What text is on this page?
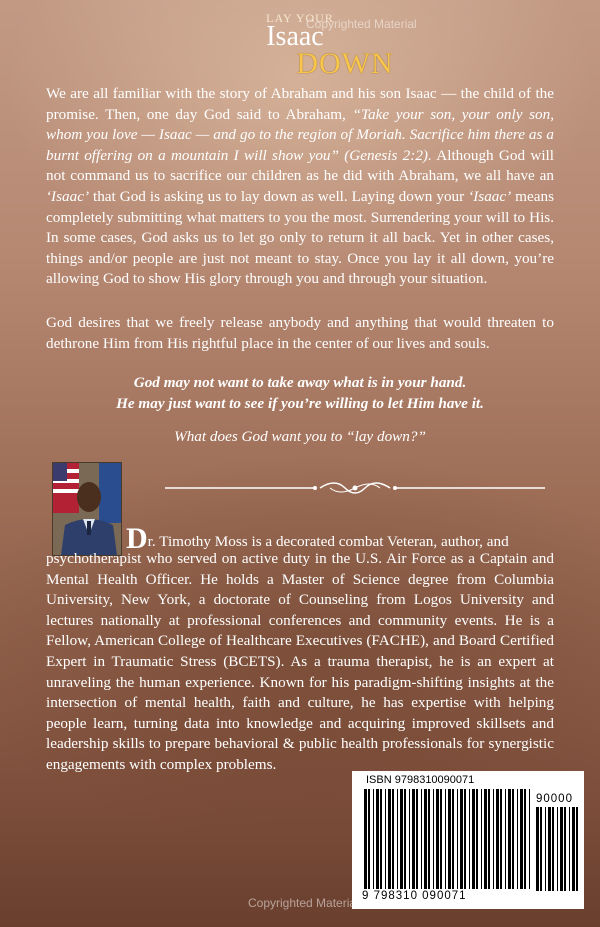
LAY YOUR
Isaac
DOWN
Copyrighted Material
We are all familiar with the story of Abraham and his son Isaac — the child of the promise. Then, one day God said to Abraham, “Take your son, your only son, whom you love — Isaac — and go to the region of Moriah. Sacrifice him there as a burnt offering on a mountain I will show you” (Genesis 2:2). Although God will not command us to sacrifice our children as he did with Abraham, we all have an ‘Isaac’ that God is asking us to lay down as well. Laying down your ‘Isaac’ means completely submitting what matters to you the most. Surrendering your will to His. In some cases, God asks us to let go only to return it all back. Yet in other cases, things and/or people are just not meant to stay. Once you lay it all down, you’re allowing God to show His glory through you and through your situation.
God desires that we freely release anybody and anything that would threaten to dethrone Him from His rightful place in the center of our lives and souls.
God may not want to take away what is in your hand.
He may just want to see if you’re willing to let Him have it.
What does God want you to “lay down?”
Dr. Timothy Moss is a decorated combat Veteran, author, and
psychotherapist who served on active duty in the U.S. Air Force as a Captain and Mental Health Officer. He holds a Master of Science degree from Columbia University, New York, a doctorate of Counseling from Logos University and lectures nationally at professional conferences and community events. He is a Fellow, American College of Healthcare Executives (FACHE), and Board Certified Expert in Traumatic Stress (BCETS). As a trauma therapist, he is an expert at unraveling the human experience. Known for his paradigm-shifting insights at the intersection of mental health, faith and culture, he has expertise with helping people learn, turning data into knowledge and acquiring improved skillsets and leadership skills to prepare behavioral & public health professionals for synergistic engagements with complex problems.
ISBN 9798310090071
90000
9 798310 090071
Copyrighted Material
